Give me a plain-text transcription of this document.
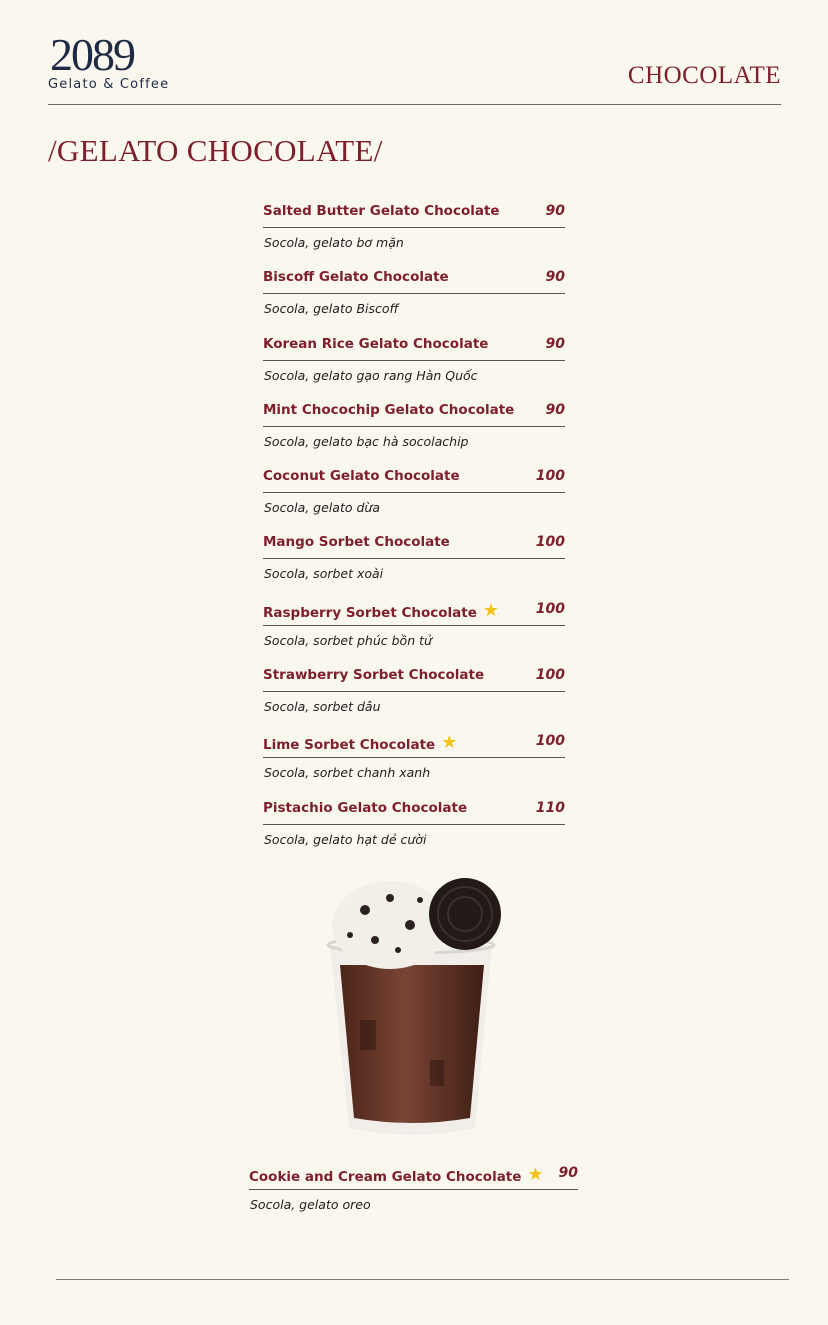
2089
Gelato & Coffee	CHOCOLATE
/GELATO CHOCOLATE/
Salted Butter Gelato Chocolate	90
Socola, gelato bơ mặn
Biscoff Gelato Chocolate	90
Socola, gelato Biscoff
Korean Rice Gelato Chocolate	90
Socola, gelato gạo rang Hàn Quốc
Mint Chocochip Gelato Chocolate 90
Socola, gelato bạc hà socolachip
Coconut Gelato Chocolate	100
Socola, gelato dừa
Mango Sorbet Chocolate	100
Socola, sorbet xoài
Raspberry Sorbet Chocolate ★	100
Socola, sorbet phúc bồn tử
Strawberry Sorbet Chocolate	100
Socola, sorbet dâu
Lime Sorbet Chocolate ★	100
Socola, sorbet chanh xanh
Pistachio Gelato Chocolate	110
Socola, gelato hạt dẻ cười
Cookie and Cream Gelato Chocolate ★ 90
Socola, gelato oreo
